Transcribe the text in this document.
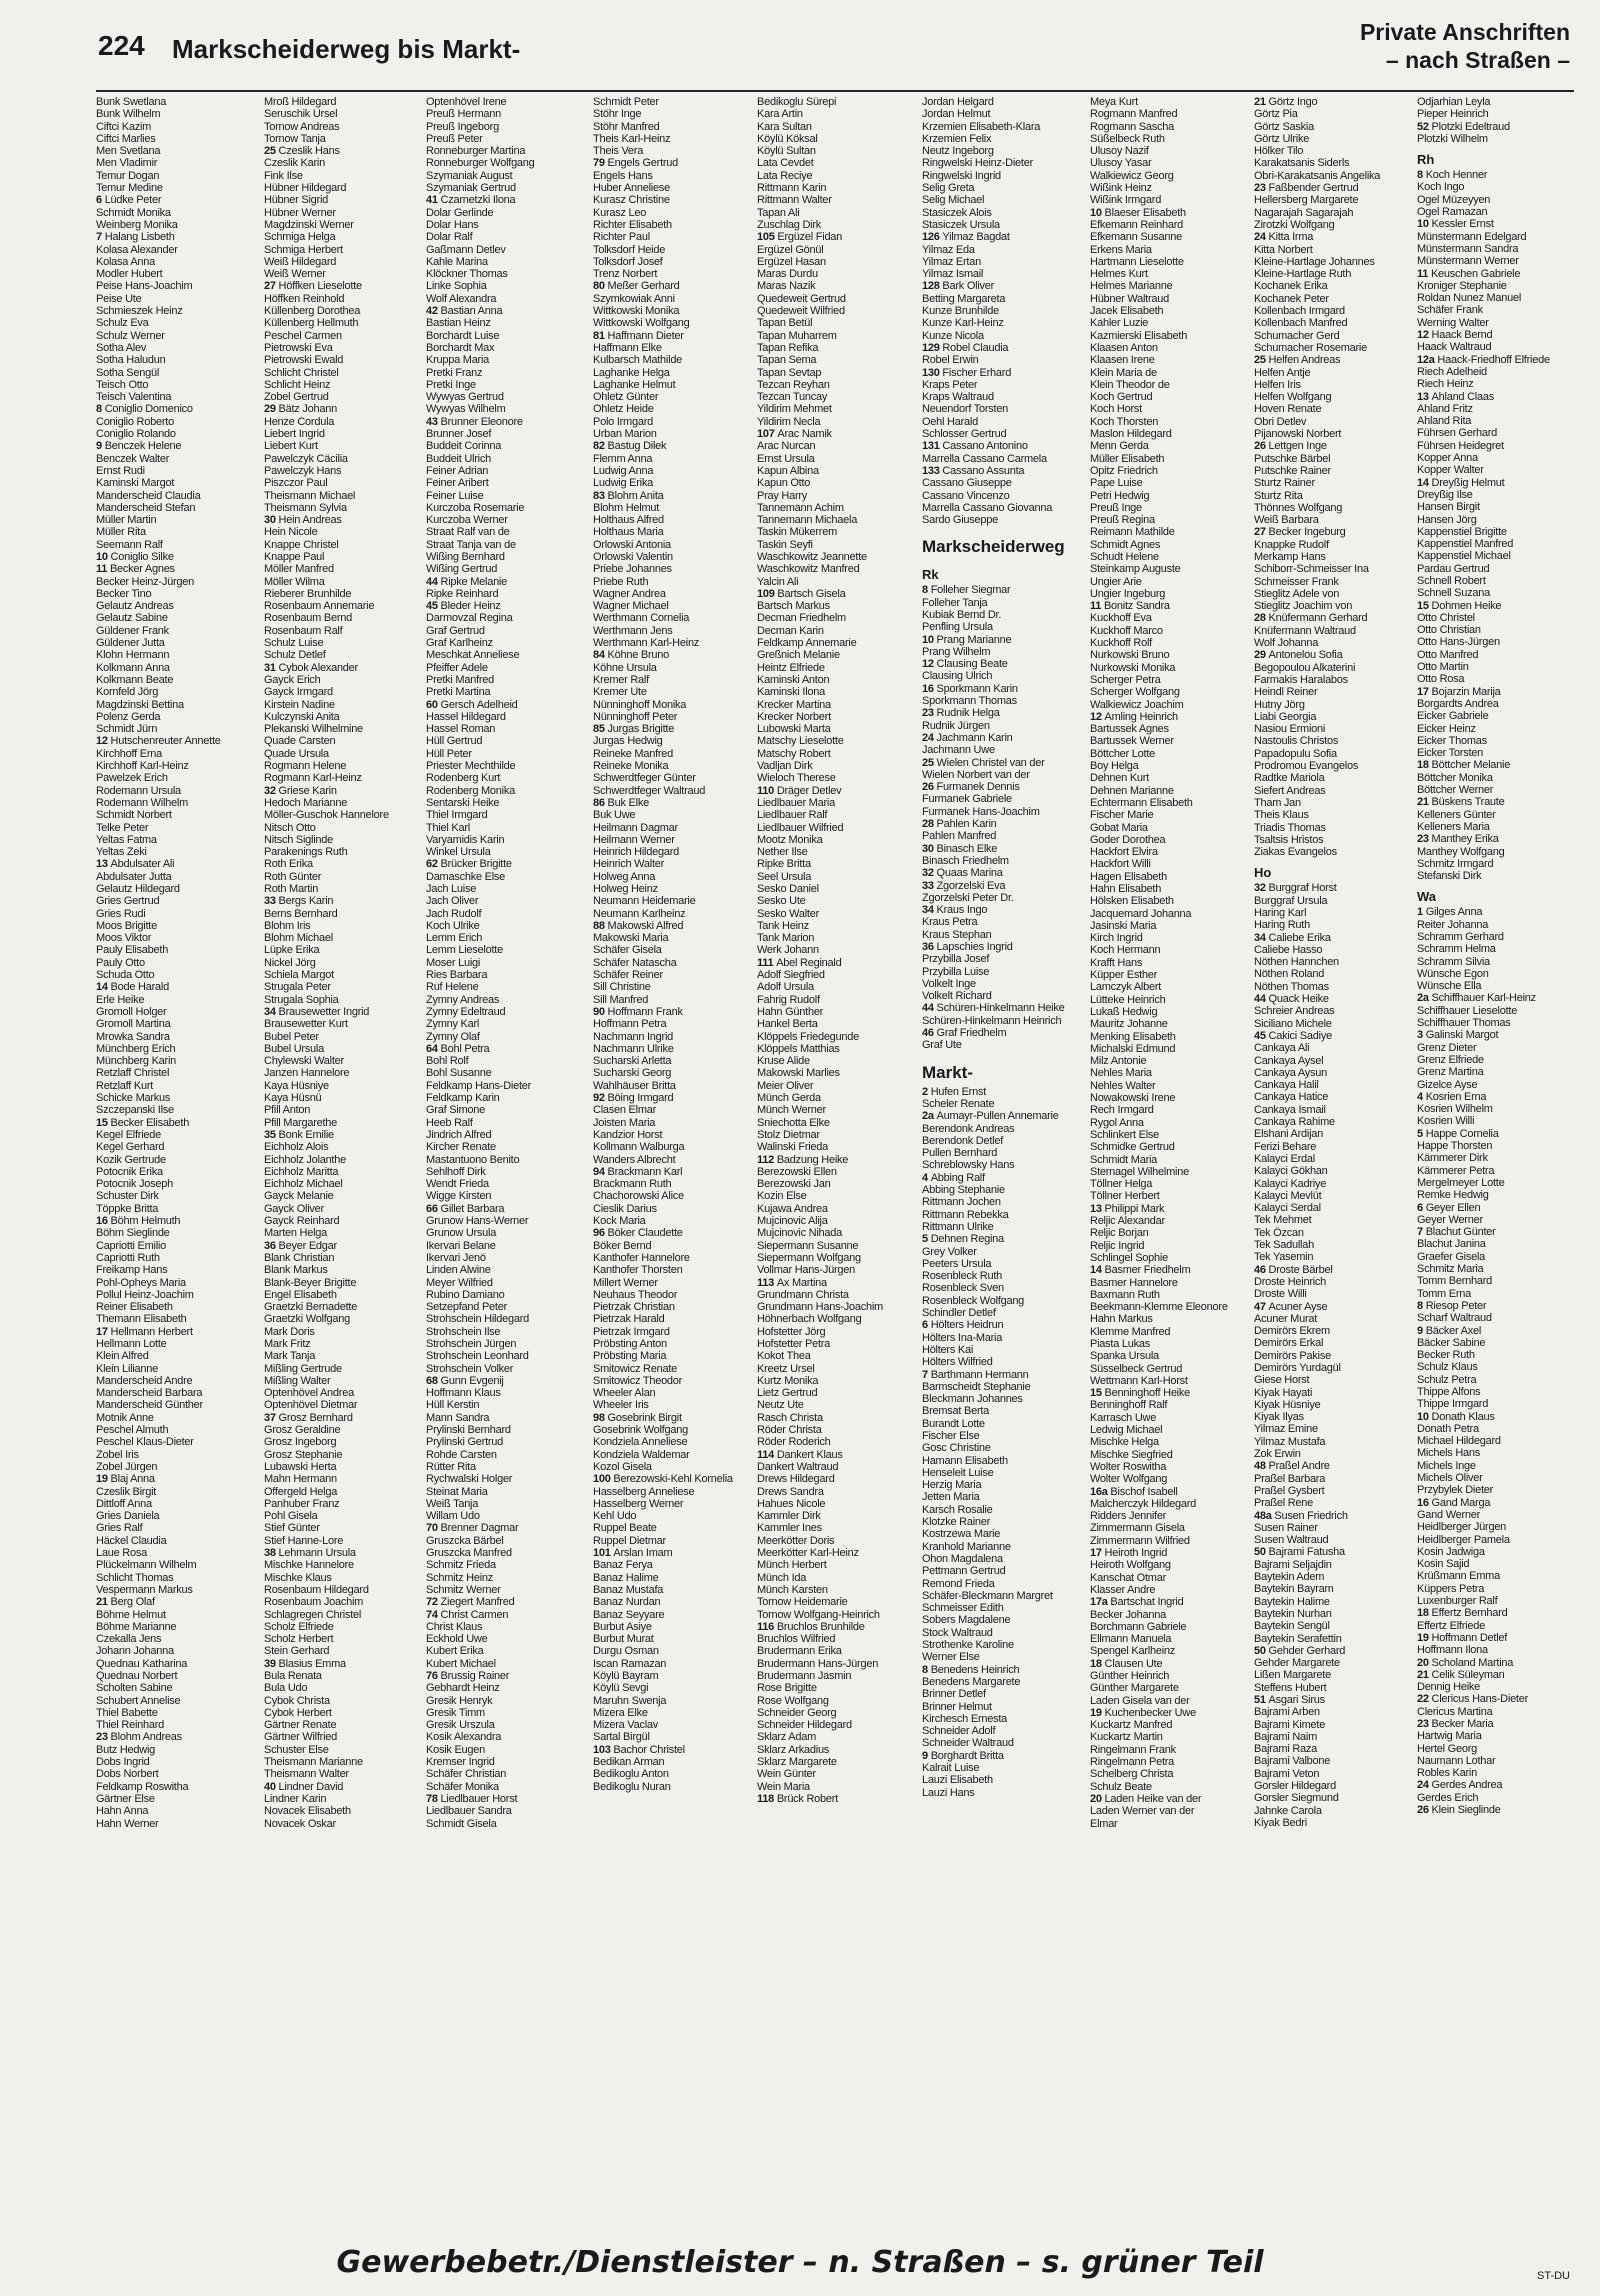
224 Markscheiderweg bis Markt-
Private Anschriften
– nach Straßen –
Bunk Swetlana
Bunk Wilhelm
Ciftci Kazim
Ciftci Marlies
Men Svetlana
Men Vladimir
Temur Dogan
Temur Medine
6 Lüdke Peter
Schmidt Monika
Weinberg Monika
7 Halang Lisbeth
Kolasa Alexander
Kolasa Anna
Modler Hubert
Peise Hans-Joachim
Peise Ute
Schmieszek Heinz
Schulz Eva
Schulz Werner
Sotha Alev
Sotha Haludun
Sotha Sengül
Teisch Otto
Teisch Valentina
8 Coniglio Domenico
Coniglio Roberto
Coniglio Rolando
9 Benczek Helene
Benczek Walter
Ernst Rudi
Kaminski Margot
Manderscheid Claudia
Manderscheid Stefan
Müller Martin
Müller Rita
Seemann Ralf
10 Coniglio Silke
11 Becker Agnes
Becker Heinz-Jürgen
Becker Tino
Gelautz Andreas
Gelautz Sabine
Güldener Frank
Güldener Jutta
Klohn Hermann
Kolkmann Anna
Kolkmann Beate
Kornfeld Jörg
Magdzinski Bettina
Polenz Gerda
Schmidt Jürn
12 Hutschenreuter Annette
Kirchhoff Erna
Kirchhoff Karl-Heinz
Pawelzek Erich
Rodemann Ursula
Rodemann Wilhelm
Schmidt Norbert
Telke Peter
Yeltas Fatma
Yeltas Zeki
13 Abdulsater Ali
Abdulsater Jutta
Gelautz Hildegard
Gries Gertrud
Gries Rudi
Moos Brigitte
Moos Viktor
Pauly Elisabeth
Pauly Otto
Schuda Otto
14 Bode Harald
Erle Heike
Gromoll Holger
Gromoll Martina
Mrowka Sandra
Münchberg Erich
Münchberg Karin
Retzlaff Christel
Retzlaff Kurt
Schicke Markus
Szczepanski Ilse
15 Becker Elisabeth
Kegel Elfriede
Kegel Gerhard
Kozik Gertrude
Potocnik Erika
Potocnik Joseph
Schuster Dirk
Töppke Britta
16 Böhm Helmuth
Böhm Sieglinde
Capriotti Emilio
Capriotti Ruth
Freikamp Hans
Pohl-Opheys Maria
Pollul Heinz-Joachim
Reiner Elisabeth
Themann Elisabeth
17 Hellmann Herbert
Hellmann Lotte
Klein Alfred
Klein Lilianne
Manderscheid Andre
Manderscheid Barbara
Manderscheid Günther
Motnik Anne
Peschel Almuth
Peschel Klaus-Dieter
Zobel Iris
Zobel Jürgen
19 Blaj Anna
Czeslik Birgit
Dittloff Anna
Gries Daniela
Gries Ralf
Häckel Claudia
Laue Rosa
Plückelmann Wilhelm
Schlicht Thomas
Vespermann Markus
21 Berg Olaf
Böhme Helmut
Böhme Marianne
Czekalla Jens
Johann Johanna
Quednau Katharina
Quednau Norbert
Scholten Sabine
Schubert Annelise
Thiel Babette
Thiel Reinhard
23 Blohm Andreas
Butz Hedwig
Dobs Ingrid
Dobs Norbert
Feldkamp Roswitha
Gärtner Else
Hahn Anna
Hahn Werner
Mroß Hildegard
Seruschik Ursel
Tornow Andreas
Tornow Tanja
25 Czeslik Hans
Czeslik Karin
Fink Ilse
Hübner Hildegard
Hübner Sigrid
Hübner Werner
Magdzinski Werner
Schmiga Helga
Schmiga Herbert
Weiß Hildegard
Weiß Werner
27 Höffken Lieselotte
Höffken Reinhold
Küllenberg Dorothea
Küllenberg Hellmuth
Peschel Carmen
Pietrowski Eva
Pietrowski Ewald
Schlicht Christel
Schlicht Heinz
Zobel Gertrud
29 Bätz Johann
Henze Cordula
Liebert Ingrid
Liebert Kurt
Pawelczyk Cäcilia
Pawelczyk Hans
Piszczor Paul
Theismann Michael
Theismann Sylvia
30 Hein Andreas
Hein Nicole
Knappe Christel
Knappe Paul
Möller Manfred
Möller Wilma
Rieberer Brunhilde
Rosenbaum Annemarie
Rosenbaum Bernd
Rosenbaum Ralf
Schulz Luise
Schulz Detlef
31 Cybok Alexander
Gayck Erich
Gayck Irmgard
Kirstein Nadine
Kulczynski Anita
Plekanski Wilhelmine
Quade Carsten
Quade Ursula
Rogmann Helene
Rogmann Karl-Heinz
32 Griese Karin
Hedoch Marianne
Möller-Guschok Hannelore
Nitsch Otto
Nitsch Siglinde
Parakenings Ruth
Roth Erika
Roth Günter
Roth Martin
33 Bergs Karin
Berns Bernhard
Blohm Iris
Blohm Michael
Lüpke Erika
Nickel Jörg
Schiela Margot
Strugala Peter
Strugala Sophia
34 Brausewetter Ingrid
Brausewetter Kurt
Bubel Peter
Bubel Ursula
Chylewski Walter
Janzen Hannelore
Kaya Hüsniye
Kaya Hüsnü
Pfill Anton
Pfill Margarethe
35 Bonk Emilie
Eichholz Alois
Eichholz Jolanthe
Eichholz Maritta
Eichholz Michael
Gayck Melanie
Gayck Oliver
Gayck Reinhard
Marten Helga
36 Beyer Edgar
Blank Christian
Blank Markus
Blank-Beyer Brigitte
Engel Elisabeth
Graetzki Bernadette
Graetzki Wolfgang
Mark Doris
Mark Fritz
Mark Tanja
Mißling Gertrude
Mißling Walter
Optenhövel Andrea
Optenhövel Dietmar
37 Grosz Bernhard
Grosz Geraldine
Grosz Ingeborg
Grosz Stephanie
Lubawski Herta
Mahn Hermann
Offergeld Helga
Panhuber Franz
Pohl Gisela
Stief Günter
Stief Hanne-Lore
38 Lehmann Ursula
Mischke Hannelore
Mischke Klaus
Rosenbaum Hildegard
Rosenbaum Joachim
Schlagregen Christel
Scholz Elfriede
Scholz Herbert
Stein Gerhard
39 Blasius Emma
Bula Renata
Bula Udo
Cybok Christa
Cybok Herbert
Gärtner Renate
Gärtner Wilfried
Schuster Else
Theismann Marianne
Theismann Walter
40 Lindner David
Lindner Karin
Novacek Elisabeth
Novacek Oskar
Optenhövel Irene
Preuß Hermann
Preuß Ingeborg
Preuß Peter
Ronneburger Martina
Ronneburger Wolfgang
Szymaniak August
Szymaniak Gertrud
41 Czarnetzki Ilona
Dolar Gerlinde
Dolar Hans
Dolar Ralf
Gaßmann Detlev
Kahle Marina
Klöckner Thomas
Linke Sophia
Wolf Alexandra
42 Bastian Anna
Bastian Heinz
Borchardt Luise
Borchardt Max
Kruppa Maria
Pretki Franz
Pretki Inge
Wywyas Gertrud
Wywyas Wilhelm
43 Brunner Eleonore
Brunner Josef
Buddeit Corinna
Buddeit Ulrich
Feiner Adrian
Feiner Aribert
Feiner Luise
Kurczoba Rosemarie
Kurczoba Werner
Straat Ralf van de
Straat Tanja van de
Wißing Bernhard
Wißing Gertrud
44 Ripke Melanie
Ripke Reinhard
45 Bleder Heinz
Darmovzal Regina
Graf Gertrud
Graf Karlheinz
Meschkat Anneliese
Pfeiffer Adele
Pretki Manfred
Pretki Martina
60 Gersch Adelheid
Hassel Hildegard
Hassel Roman
Hüll Gertrud
Hüll Peter
Priester Mechthilde
Rodenberg Kurt
Rodenberg Monika
Sentarski Heike
Thiel Irmgard
Thiel Karl
Varyamidis Karin
Winkel Ursula
62 Brücker Brigitte
Damaschke Else
Jach Luise
Jach Oliver
Jach Rudolf
Koch Ulrike
Lemm Erich
Lemm Lieselotte
Moser Luigi
Ries Barbara
Ruf Helene
Zymny Andreas
Zymny Edeltraud
Zymny Karl
Zymny Olaf
64 Bohl Petra
Bohl Rolf
Bohl Susanne
Feldkamp Hans-Dieter
Feldkamp Karin
Graf Simone
Heeb Ralf
Jindrich Alfred
Kircher Renate
Mastantuono Benito
Sehlhoff Dirk
Wendt Frieda
Wigge Kirsten
66 Gillet Barbara
Grunow Hans-Werner
Grunow Ursula
Ikervari Belane
Ikervari Jenö
Linden Alwine
Meyer Wilfried
Rubino Damiano
Setzepfand Peter
Strohschein Hildegard
Strohschein Ilse
Strohschein Jürgen
Strohschein Leonhard
Strohschein Volker
68 Gunn Evgenij
Hoffmann Klaus
Hüll Kerstin
Mann Sandra
Prylinski Bernhard
Prylinski Gertrud
Rohde Carsten
Rütter Rita
Rychwalski Holger
Steinat Maria
Weiß Tanja
Willam Udo
70 Brenner Dagmar
Gruszcka Bärbel
Gruszcka Manfred
Schmitz Frieda
Schmitz Heinz
Schmitz Werner
72 Ziegert Manfred
74 Christ Carmen
Christ Klaus
Eckhold Uwe
Kubert Erika
Kubert Michael
76 Brussig Rainer
Gebhardt Heinz
Gresik Henryk
Gresik Timm
Gresik Urszula
Kosik Alexandra
Kosik Eugen
Kremser Ingrid
Schäfer Christian
Schäfer Monika
78 Liedlbauer Horst
Liedlbauer Sandra
Schmidt Gisela
Schmidt Peter
Stöhr Inge
Stöhr Manfred
Theis Karl-Heinz
Theis Vera
79 Engels Gertrud
Engels Hans
Huber Anneliese
Kurasz Christine
Kurasz Leo
Richter Elisabeth
Richter Paul
Tolksdorf Heide
Tolksdorf Josef
Trenz Norbert
80 Meßer Gerhard
Szymkowiak Anni
Wittkowski Monika
Wittkowski Wolfgang
81 Haffmann Dieter
Haffmann Elke
Kulbarsch Mathilde
Laghanke Helga
Laghanke Helmut
Ohletz Günter
Ohletz Heide
Polo Irmgard
Urban Marion
82 Bastug Dilek
Flemm Anna
Ludwig Anna
Ludwig Erika
83 Blohm Anita
Blohm Helmut
Holthaus Alfred
Holthaus Maria
Orlowski Antonia
Orlowski Valentin
Priebe Johannes
Priebe Ruth
Wagner Andrea
Wagner Michael
Werthmann Cornelia
Werthmann Jens
Werthmann Karl-Heinz
84 Köhne Bruno
Köhne Ursula
Kremer Ralf
Kremer Ute
Nünninghoff Monika
Nünninghoff Peter
85 Jurgas Brigitte
Jurgas Hedwig
Reineke Manfred
Reineke Monika
Schwerdtfeger Günter
Schwerdtfeger Waltraud
86 Buk Elke
Buk Uwe
Heilmann Dagmar
Heilmann Werner
Heinrich Hildegard
Heinrich Walter
Holweg Anna
Holweg Heinz
Neumann Heidemarie
Neumann Karlheinz
88 Makowski Alfred
Makowski Maria
Schäfer Gisela
Schäfer Natascha
Schäfer Reiner
Sill Christine
Sill Manfred
90 Hoffmann Frank
Hoffmann Petra
Nachmann Ingrid
Nachmann Ulrike
Sucharski Arletta
Sucharski Georg
Wahlhäuser Britta
92 Böing Irmgard
Clasen Elmar
Joisten Maria
Kandzior Horst
Kollmann Walburga
Wanders Albrecht
94 Brackmann Karl
Brackmann Ruth
Chachorowski Alice
Cieslik Darius
Kock Maria
96 Böker Claudette
Böker Bernd
Kanthofer Hannelore
Kanthofer Thorsten
Millert Werner
Neuhaus Theodor
Pietrzak Christian
Pietrzak Harald
Pietrzak Irmgard
Pröbsting Anton
Pröbsting Maria
Smitowicz Renate
Smitowicz Theodor
Wheeler Alan
Wheeler Iris
98 Gosebrink Birgit
Gosebrink Wolfgang
Kondziela Anneliese
Kondziela Waldemar
Kozol Gisela
100 Berezowski-Kehl Kornelia
Hasselberg Anneliese
Hasselberg Werner
Kehl Udo
Ruppel Beate
Ruppel Dietmar
101 Arslan Imam
Banaz Ferya
Banaz Halime
Banaz Mustafa
Banaz Nurdan
Banaz Seyyare
Burbut Asiye
Burbut Murat
Durgu Osman
Iscan Ramazan
Köylü Bayram
Köylü Sevgi
Maruhn Swenja
Mizera Elke
Mizera Vaclav
Sartal Birgül
103 Bachor Christel
Bedikan Arman
Bedikoglu Anton
Bedikoglu Nuran
Bedikoglu Sürepi
Kara Artin
Kara Sultan
Köylü Köksal
Köylü Sultan
Lata Cevdet
Lata Reciye
Rittmann Karin
Rittmann Walter
Tapan Ali
Zuschlag Dirk
105 Ergüzel Fidan
Ergüzel Gönül
Ergüzel Hasan
Maras Durdu
Maras Nazik
Quedeweit Gertrud
Quedeweit Wilfried
Tapan Betül
Tapan Muharrem
Tapan Refika
Tapan Sema
Tapan Sevtap
Tezcan Reyhan
Tezcan Tuncay
Yildirim Mehmet
Yildirim Necla
107 Arac Namik
Arac Nurcan
Ernst Ursula
Kapun Albina
Kapun Otto
Pray Harry
Tannemann Achim
Tannemann Michaela
Taskin Mükerrem
Taskin Seyfi
Waschkowitz Jeannette
Waschkowitz Manfred
Yalcin Ali
109 Bartsch Gisela
Bartsch Markus
Decman Friedhelm
Decman Karin
Feldkamp Annemarie
Greßnich Melanie
Heintz Elfriede
Kaminski Anton
Kaminski Ilona
Krecker Martina
Krecker Norbert
Lubowski Marta
Matschy Lieselotte
Matschy Robert
Vadljan Dirk
Wieloch Therese
110 Dräger Detlev
Liedlbauer Maria
Liedlbauer Ralf
Liedlbauer Wilfried
Mootz Monika
Nether Ilse
Ripke Britta
Seel Ursula
Sesko Daniel
Sesko Ute
Sesko Walter
Tank Heinz
Tank Marion
Werk Johann
111 Abel Reginald
Adolf Siegfried
Adolf Ursula
Fahrig Rudolf
Hahn Günther
Hankel Berta
Klöppels Friedegunde
Klöppels Matthias
Kruse Alide
Makowski Marlies
Meier Oliver
Münch Gerda
Münch Werner
Sniechotta Elke
Stolz Dietmar
Walinski Frieda
112 Badzung Heike
Berezowski Ellen
Berezowski Jan
Kozin Else
Kujawa Andrea
Mujcinovic Alija
Mujcinovic Nihada
Siepermann Susanne
Siepermann Wolfgang
Vollmar Hans-Jürgen
113 Ax Martina
Grundmann Christa
Grundmann Hans-Joachim
Höhnerbach Wolfgang
Hofstetter Jörg
Hofstetter Petra
Kokot Thea
Kreetz Ursel
Kurtz Monika
Lietz Gertrud
Neutz Ute
Rasch Christa
Röder Christa
Röder Roderich
114 Dankert Klaus
Dankert Waltraud
Drews Hildegard
Drews Sandra
Hahues Nicole
Kammler Dirk
Kammler Ines
Meerkötter Doris
Meerkötter Karl-Heinz
Münch Herbert
Münch Ida
Münch Karsten
Tornow Heidemarie
Tornow Wolfgang-Heinrich
116 Bruchlos Brunhilde
Bruchlos Wilfried
Brudermann Erika
Brudermann Hans-Jürgen
Brudermann Jasmin
Rose Brigitte
Rose Wolfgang
Schneider Georg
Schneider Hildegard
Sklarz Adam
Sklarz Arkadius
Sklarz Margarete
Wein Günter
Wein Maria
118 Brück Robert
Jordan Helgard
Jordan Helmut
Krzemien Elisabeth-Klara
Krzemien Felix
Neutz Ingeborg
Ringwelski Heinz-Dieter
Ringwelski Ingrid
Selig Greta
Selig Michael
Stasiczek Alois
Stasiczek Ursula
126 Yilmaz Bagdat
Yilmaz Eda
Yilmaz Ertan
Yilmaz Ismail
128 Bark Oliver
Betting Margareta
Kunze Brunhilde
Kunze Karl-Heinz
Kunze Nicola
129 Robel Claudia
Robel Erwin
130 Fischer Erhard
Kraps Peter
Kraps Waltraud
Neuendorf Torsten
Oehl Harald
Schlosser Gertrud
131 Cassano Antonino
Marrella Cassano Carmela
133 Cassano Assunta
Cassano Giuseppe
Cassano Vincenzo
Marrella Cassano Giovanna
Sardo Giuseppe
Markscheiderweg
Rk
8 Folleher Siegmar
Folleher Tanja
Kubiak Bernd Dr.
Penfling Ursula
10 Prang Marianne
Prang Wilhelm
12 Clausing Beate
Clausing Ulrich
16 Sporkmann Karin
Sporkmann Thomas
23 Rudnik Helga
Rudnik Jürgen
24 Jachmann Karin
Jachmann Uwe
25 Wielen Christel van der
Wielen Norbert van der
26 Furmanek Dennis
Furmanek Gabriele
Furmanek Hans-Joachim
28 Pahlen Karin
Pahlen Manfred
30 Binasch Elke
Binasch Friedhelm
32 Quaas Marina
33 Zgorzelski Eva
Zgorzelski Peter Dr.
34 Kraus Ingo
Kraus Petra
Kraus Stephan
36 Lapschies Ingrid
Przybilla Josef
Przybilla Luise
Volkelt Inge
Volkelt Richard
44 Schüren-Hinkelmann Heike
Schüren-Hinkelmann Heinrich
46 Graf Friedhelm
Graf Ute
Markt-
2 Hufen Ernst
Scheler Renate
2a Aumayr-Pullen Annemarie
Berendonk Andreas
Berendonk Detlef
Pullen Bernhard
Schreblowsky Hans
4 Abbing Ralf
Abbing Stephanie
Rittmann Jochen
Rittmann Rebekka
Rittmann Ulrike
5 Dehnen Regina
Grey Volker
Peeters Ursula
Rosenbleck Ruth
Rosenbleck Sven
Rosenbleck Wolfgang
Schindler Detlef
6 Hölters Heidrun
Hölters Ina-Maria
Hölters Kai
Hölters Wilfried
7 Barthmann Hermann
Barmscheidt Stephanie
Bleckmann Johannes
Bremsat Berta
Burandt Lotte
Fischer Else
Gosc Christine
Hamann Elisabeth
Henseleit Luise
Herzig Maria
Jetten Maria
Karsch Rosalie
Klotzke Rainer
Kostrzewa Marie
Kranhold Marianne
Ohon Magdalena
Pettmann Gertrud
Remond Frieda
Schäfer-Bleckmann Margret
Schmeisser Edith
Sobers Magdalene
Stock Waltraud
Strothenke Karoline
Werner Else
8 Benedens Heinrich
Benedens Margarete
Brinner Detlef
Brinner Helmut
Kirchesch Ernesta
Schneider Adolf
Schneider Waltraud
9 Borghardt Britta
Kalrait Luise
Lauzi Elisabeth
Lauzi Hans
Meya Kurt
Rogmann Manfred
Rogmann Sascha
Süßelbeck Ruth
Ulusoy Nazif
Ulusoy Yasar
Walkiewicz Georg
Wißink Heinz
Wißink Irmgard
10 Blaeser Elisabeth
Efkemann Reinhard
Efkemann Susanne
Erkens Maria
Hartmann Lieselotte
Helmes Kurt
Helmes Marianne
Hübner Waltraud
Jacek Elisabeth
Kahler Luzie
Kazmierski Elisabeth
Klaasen Anton
Klaasen Irene
Klein Maria de
Klein Theodor de
Koch Gertrud
Koch Horst
Koch Thorsten
Maslon Hildegard
Menn Gerda
Müller Elisabeth
Opitz Friedrich
Pape Luise
Petri Hedwig
Preuß Inge
Preuß Regina
Reimann Mathilde
Schmidt Agnes
Schudt Helene
Steinkamp Auguste
Ungier Arie
Ungier Ingeburg
11 Bonitz Sandra
Kuckhoff Eva
Kuckhoff Marco
Kuckhoff Rolf
Nurkowski Bruno
Nurkowski Monika
Scherger Petra
Scherger Wolfgang
Walkiewicz Joachim
12 Amling Heinrich
Bartussek Agnes
Bartussek Werner
Böttcher Lotte
Boy Helga
Dehnen Kurt
Dehnen Marianne
Echtermann Elisabeth
Fischer Marie
Gobat Maria
Goder Dorothea
Hackfort Elvira
Hackfort Willi
Hagen Elisabeth
Hahn Elisabeth
Hölsken Elisabeth
Jacquemard Johanna
Jasinski Maria
Kirch Ingrid
Koch Hermann
Krafft Hans
Küpper Esther
Lamczyk Albert
Lütteke Heinrich
Lukaß Hedwig
Mauritz Johanne
Menking Elisabeth
Michalski Edmund
Milz Antonie
Nehles Maria
Nehles Walter
Nowakowski Irene
Rech Irmgard
Rygol Anna
Schlinkert Else
Schmidke Gertrud
Schmidt Maria
Sternagel Wilhelmine
Töllner Helga
Töllner Herbert
13 Philippi Mark
Reljic Alexandar
Reljic Borjan
Reljic Ingrid
Schlingel Sophie
14 Basmer Friedhelm
Basmer Hannelore
Baxmann Ruth
Beekmann-Klemme Eleonore
Hahn Markus
Klemme Manfred
Piasta Lukas
Spanka Ursula
Süsselbeck Gertrud
Wettmann Karl-Horst
15 Benninghoff Heike
Benninghoff Ralf
Karrasch Uwe
Ledwig Michael
Mischke Helga
Mischke Siegfried
Wolter Roswitha
Wolter Wolfgang
16a Bischof Isabell
Malcherczyk Hildegard
Ridders Jennifer
Zimmermann Gisela
Zimmermann Wilfried
17 Heiroth Ingrid
Heiroth Wolfgang
Kanschat Otmar
Klasser Andre
17a Bartschat Ingrid
Becker Johanna
Borchmann Gabriele
Ellmann Manuela
Spengel Karlheinz
18 Clausen Ute
Günther Heinrich
Günther Margarete
Laden Gisela van der
19 Kuchenbecker Uwe
Kuckartz Manfred
Kuckartz Martin
Ringelmann Frank
Ringelmann Petra
Schelberg Christa
Schulz Beate
20 Laden Heike van der
Laden Werner van der
Elmar
21 Görtz Ingo
Görtz Pia
Görtz Saskia
Görtz Ulrike
Hölker Tilo
Karakatsanis Siderls
Obri-Karakatsanis Angelika
23 Faßbender Gertrud
Hellersberg Margarete
Nagarajah Sagarajah
Zirotzki Wolfgang
24 Kitta Irma
Kitta Norbert
Kleine-Hartlage Johannes
Kleine-Hartlage Ruth
Kochanek Erika
Kochanek Peter
Kollenbach Irmgard
Kollenbach Manfred
Schumacher Gerd
Schumacher Rosemarie
25 Helfen Andreas
Helfen Antje
Helfen Iris
Helfen Wolfgang
Hoven Renate
Obri Detlev
Pijanowski Norbert
26 Lettgen Inge
Putschke Bärbel
Putschke Rainer
Sturtz Rainer
Sturtz Rita
Thönnes Wolfgang
Weiß Barbara
27 Becker Ingeburg
Knappke Rudolf
Merkamp Hans
Schiborr-Schmeisser Ina
Schmeisser Frank
Stieglitz Adele von
Stieglitz Joachim von
28 Knüfermann Gerhard
Knüfermann Waltraud
Wolf Johanna
29 Antonelou Sofia
Begopoulou Alkaterini
Farmakis Haralabos
Heindl Reiner
Hutny Jörg
Liabi Georgia
Nasiou Ermioni
Nastoulis Christos
Papadopulu Sofia
Prodromou Evangelos
Radtke Mariola
Siefert Andreas
Tham Jan
Theis Klaus
Triadis Thomas
Tsaltsis Hristos
Ziakas Evangelos
Ho
32 Burggraf Horst
Burggraf Ursula
Haring Karl
Haring Ruth
34 Caliebe Erika
Caliebe Hasso
Nöthen Hannchen
Nöthen Roland
Nöthen Thomas
44 Quack Heike
Schreier Andreas
Siciliano Michele
45 Cakici Sadiye
Cankaya Ali
Cankaya Aysel
Cankaya Aysun
Cankaya Halil
Cankaya Hatice
Cankaya Ismail
Cankaya Rahime
Elshani Ardijan
Ferizi Behare
Kalayci Erdal
Kalayci Gökhan
Kalayci Kadriye
Kalayci Mevlüt
Kalayci Serdal
Tek Mehmet
Tek Özcan
Tek Sadullah
Tek Yasemin
46 Droste Bärbel
Droste Heinrich
Droste Willi
47 Acuner Ayse
Acuner Murat
Demirörs Ekrem
Demirörs Erkal
Demirörs Pakise
Demirörs Yurdagül
Giese Horst
Kiyak Hayati
Kiyak Hüsniye
Kiyak Ilyas
Yilmaz Emine
Yilmaz Mustafa
Zok Erwin
48 Praßel Andre
Praßel Barbara
Praßel Gysbert
Praßel Rene
48a Susen Friedrich
Susen Rainer
Susen Waltraud
50 Bajrami Fatusha
Bajrami Seljajdin
Baytekin Adem
Baytekin Bayram
Baytekin Halime
Baytekin Nurhan
Baytekin Sengül
Baytekin Serafettin
50 Gehder Gerhard
Gehder Margarete
Lißen Margarete
Steffens Hubert
51 Asgari Sirus
Bajrami Arben
Bajrami Kimete
Bajrami Naim
Bajrami Raza
Bajrami Valbone
Bajrami Veton
Gorsler Hildegard
Gorsler Siegmund
Jahnke Carola
Kiyak Bedri
Odjarhian Leyla
Pieper Heinrich
52 Plotzki Edeltraud
Plotzki Wilhelm
Rh
8 Koch Henner
Koch Ingo
Ogel Müzeyyen
Ogel Ramazan
10 Kessler Ernst
Münstermann Edelgard
Münstermann Sandra
Münstermann Werner
11 Keuschen Gabriele
Kroniger Stephanie
Roldan Nunez Manuel
Schäfer Frank
Werning Walter
12 Haack Bernd
Haack Waltraud
12a Haack-Friedhoff Elfriede
Riech Adelheid
Riech Heinz
13 Ahland Claas
Ahland Fritz
Ahland Rita
Führsen Gerhard
Führsen Heidegret
Kopper Anna
Kopper Walter
14 Dreyßig Helmut
Dreyßig Ilse
Hansen Birgit
Hansen Jörg
Kappenstiel Brigitte
Kappenstiel Manfred
Kappenstiel Michael
Pardau Gertrud
Schnell Robert
Schnell Suzana
15 Dohmen Heike
Otto Christel
Otto Christian
Otto Hans-Jürgen
Otto Manfred
Otto Martin
Otto Rosa
17 Bojarzin Marija
Borgardts Andrea
Eicker Gabriele
Eicker Heinz
Eicker Thomas
Eicker Torsten
18 Böttcher Melanie
Böttcher Monika
Böttcher Werner
21 Büskens Traute
Kelleners Günter
Kelleners Maria
23 Manthey Erika
Manthey Wolfgang
Schmitz Irmgard
Stefanski Dirk
Wa
1 Gilges Anna
Reiter Johanna
Schramm Gerhard
Schramm Helma
Schramm Silvia
Wünsche Egon
Wünsche Ella
2a Schiffhauer Karl-Heinz
Schiffhauer Lieselotte
Schiffhauer Thomas
3 Galinski Margot
Grenz Dieter
Grenz Elfriede
Grenz Martina
Gizelce Ayse
4 Kosrien Erna
Kosrien Wilhelm
Kosrien Willi
5 Happe Cornelia
Happe Thorsten
Kämmerer Dirk
Kämmerer Petra
Mergelmeyer Lotte
Remke Hedwig
6 Geyer Ellen
Geyer Werner
7 Blachut Günter
Blachut Janina
Graefer Gisela
Schmitz Maria
Tomm Bernhard
Tomm Erna
8 Riesop Peter
Scharf Waltraud
9 Bäcker Axel
Bäcker Sabine
Becker Ruth
Schulz Klaus
Schulz Petra
Thippe Alfons
Thippe Irmgard
10 Donath Klaus
Donath Petra
Michael Hildegard
Michels Hans
Michels Inge
Michels Oliver
Przybylek Dieter
16 Gand Marga
Gand Werner
Heidlberger Jürgen
Heidlberger Pamela
Kosin Jadwiga
Kosin Sajid
Krüßmann Emma
Küppers Petra
Luxenburger Ralf
18 Effertz Bernhard
Effertz Elfriede
19 Hoffmann Detlef
Hoffmann Ilona
20 Scholand Martina
21 Celik Süleyman
Dennig Heike
22 Clericus Hans-Dieter
Clericus Martina
23 Becker Maria
Hartwig Maria
Hertel Georg
Naumann Lothar
Robles Karin
24 Gerdes Andrea
Gerdes Erich
26 Klein Sieglinde
Gewerbebetr./Dienstleister – n. Straßen – s. grüner Teil	ST-DU
